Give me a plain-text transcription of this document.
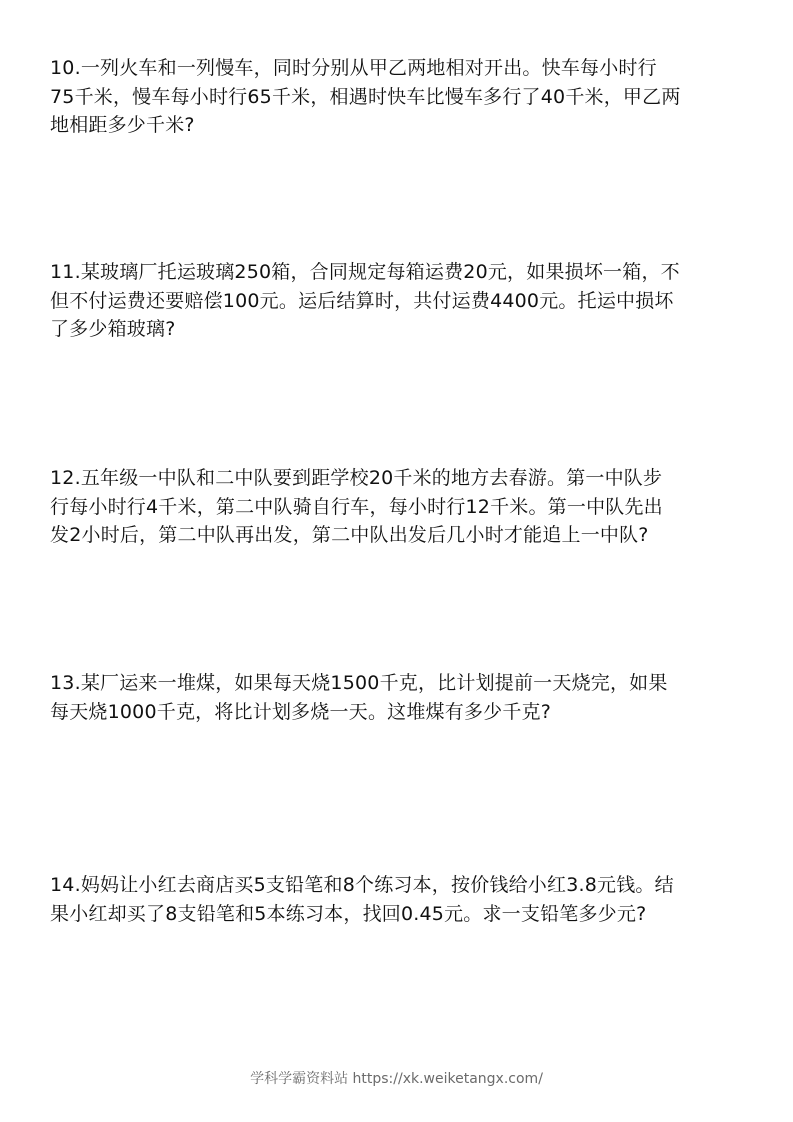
10.一列火车和一列慢车，同时分别从甲乙两地相对开出。快车每小时行
75千米，慢车每小时行65千米，相遇时快车比慢车多行了40千米，甲乙两
地相距多少千米?
11.某玻璃厂托运玻璃250箱，合同规定每箱运费20元，如果损坏一箱，不
但不付运费还要赔偿100元。运后结算时，共付运费4400元。托运中损坏
了多少箱玻璃?
12.五年级一中队和二中队要到距学校20千米的地方去春游。第一中队步
行每小时行4千米，第二中队骑自行车，每小时行12千米。第一中队先出
发2小时后，第二中队再出发，第二中队出发后几小时才能追上一中队?
13.某厂运来一堆煤，如果每天烧1500千克，比计划提前一天烧完，如果
每天烧1000千克，将比计划多烧一天。这堆煤有多少千克?
14.妈妈让小红去商店买5支铅笔和8个练习本，按价钱给小红3.8元钱。结
果小红却买了8支铅笔和5本练习本，找回0.45元。求一支铅笔多少元?
学科学霸资料站 https://xk.weiketangx.com/
